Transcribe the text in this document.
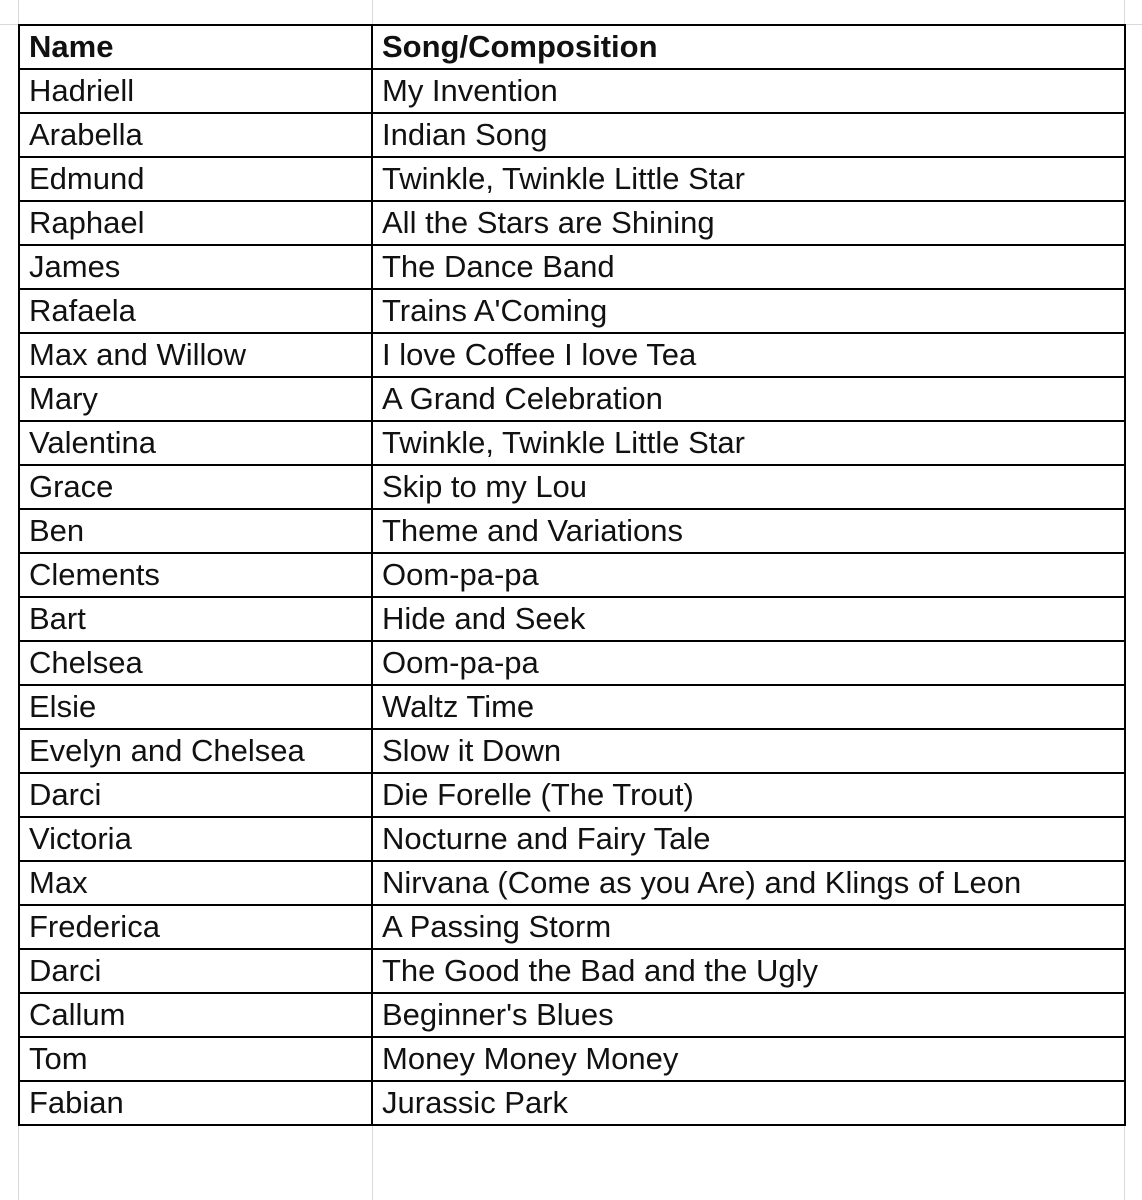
Name	Song/Composition
Hadriell	My Invention
Arabella	Indian Song
Edmund	Twinkle, Twinkle Little Star
Raphael	All the Stars are Shining
James	The Dance Band
Rafaela	Trains A'Coming
Max and Willow	I love Coffee I love Tea
Mary	A Grand Celebration
Valentina	Twinkle, Twinkle Little Star
Grace	Skip to my Lou
Ben	Theme and Variations
Clements	Oom-pa-pa
Bart	Hide and Seek
Chelsea	Oom-pa-pa
Elsie	Waltz Time
Evelyn and Chelsea	Slow it Down
Darci	Die Forelle (The Trout)
Victoria	Nocturne and Fairy Tale
Max	Nirvana (Come as you Are) and Klings of Leon
Frederica	A Passing Storm
Darci	The Good the Bad and the Ugly
Callum	Beginner's Blues
Tom	Money Money Money
Fabian	Jurassic Park
